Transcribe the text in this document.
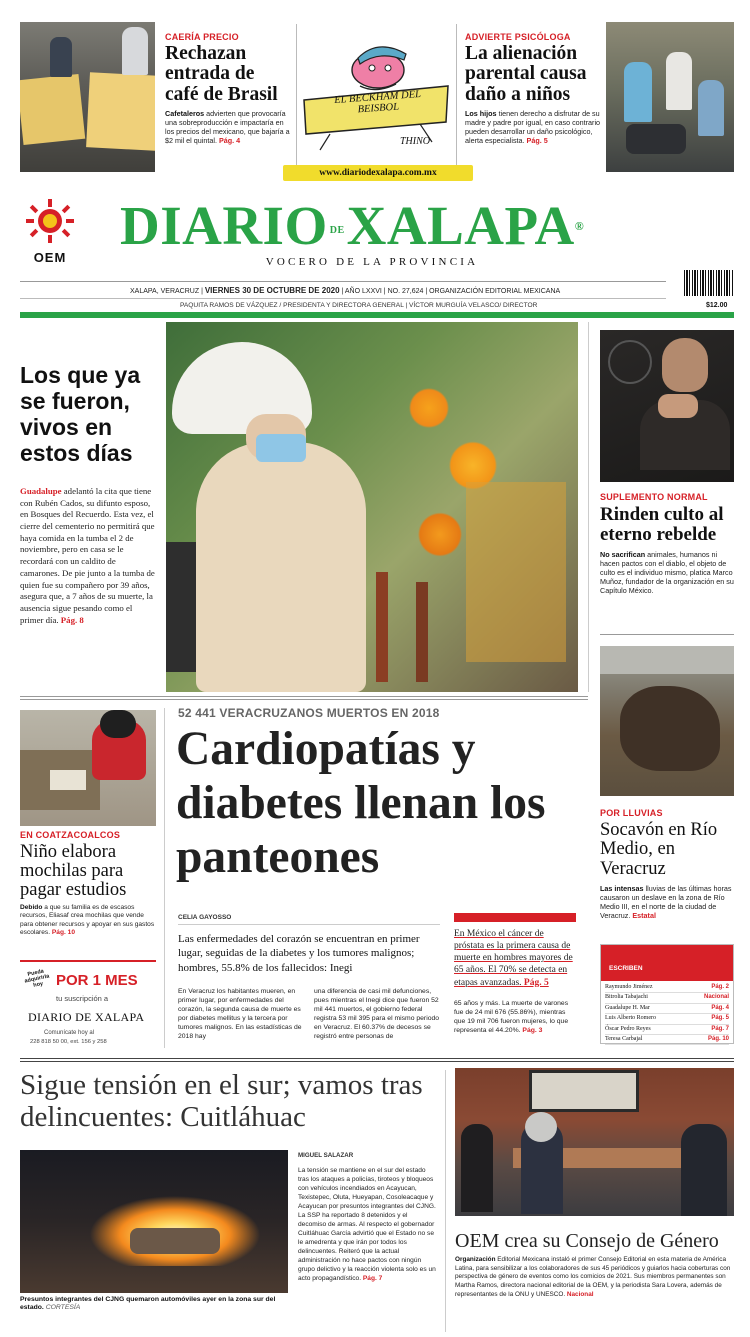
CAERÍA PRECIO
Rechazan entrada de café de Brasil
Cafetaleros advierten que provocaría una sobreproducción e impactaría en los precios del mexicano, que bajaría a $2 mil el quintal. Pág. 4
EL BECKHAM DEL BEISBOL
THINO
ADVIERTE PSICÓLOGA
La alienación parental causa daño a niños
Los hijos tienen derecho a disfrutar de su madre y padre por igual, en caso contrario pueden desarrollar un daño psicológico, alerta especialista. Pág. 5
www.diariodexalapa.com.mx
OEM
DIARIO DEXALAPA®
VOCERO DE LA PROVINCIA
XALAPA, VERACRUZ | VIERNES 30 DE OCTUBRE DE 2020 | AÑO LXXVI | NO. 27,624 | ORGANIZACIÓN EDITORIAL MEXICANA
PAQUITA RAMOS DE VÁZQUEZ / PRESIDENTA Y DIRECTORA GENERAL | VÍCTOR MURGUÍA VELASCO/ DIRECTOR	$12.00
Los que ya se fueron, vivos en estos días
Guadalupe adelantó la cita que tiene con Rubén Cados, su difunto esposo, en Bosques del Recuerdo. Esta vez, el cierre del cementerio no permitirá que haya comida en la tumba el 2 de noviembre, pero en casa se le recordará con un caldito de camarones. De pie junto a la tumba de quien fue su compañero por 39 años, asegura que, a 7 años de su muerte, la ausencia sigue pesando como el primer día. Pág. 8
SUPLEMENTO NORMAL
Rinden culto al eterno rebelde
No sacrifican animales, humanos ni hacen pactos con el diablo, el objeto de culto es el individuo mismo, platica Marco Muñoz, fundador de la organización en su Capítulo México.
POR LLUVIAS
Socavón en Río Medio, en Veracruz
Las intensas lluvias de las últimas horas causaron un deslave en la zona de Río Medio III, en el norte de la ciudad de Veracruz. Estatal
ESCRIBEN
Raymundo Jiménez	Pág. 2
Bitrolia Tabajachi	Nacional
Guadalupe H. Mar	Pág. 4
Luis Alberto Romero	Pág. 5
Óscar Pedro Reyes	Pág. 7
Teresa Carbajal	Pág. 10
EN COATZACOALCOS
Niño elabora mochilas para pagar estudios
Debido a que su familia es de escasos recursos, Eliasaf crea mochilas que vende para obtener recursos y apoyar en sus gastos escolares. Pág. 10
Pueda adquirirla hoy POR 1 MES
tu suscripción a
DIARIO DE XALAPA
Comunícate hoy al
228 818 50 00, ext. 156 y 258
52 441 VERACRUZANOS MUERTOS EN 2018
Cardiopatías y diabetes llenan los panteones
CELIA GAYOSSO
Las enfermedades del corazón se encuentran en primer lugar, seguidas de la diabetes y los tumores malignos; hombres, 55.8% de los fallecidos: Inegi
En Veracruz los habitantes mueren, en primer lugar, por enfermedades del corazón, la segunda causa de muerte es por diabetes mellitus y la tercera por tumores malignos. En las estadísticas de 2018 hay
una diferencia de casi mil defunciones, pues mientras el Inegi dice que fueron 52 mil 441 muertos, el gobierno federal registra 53 mil 395 para el mismo periodo en Veracruz. El 60.37% de decesos se registró entre personas de
En México el cáncer de próstata es la primera causa de muerte en hombres mayores de 65 años. El 70% se detecta en etapas avanzadas. Pág. 5
65 años y más. La muerte de varones fue de 24 mil 676 (55.86%), mientras que 19 mil 706 fueron mujeres, lo que representa el 44.20%. Pág. 3
Sigue tensión en el sur; vamos tras delincuentes: Cuitláhuac
Presuntos integrantes del CJNG quemaron automóviles ayer en la zona sur del estado. CORTESÍA
MIGUEL SALAZAR
La tensión se mantiene en el sur del estado tras los ataques a policías, tiroteos y bloqueos con vehículos incendiados en Acayucan, Texistepec, Oluta, Hueyapan, Cosoleacaque y Acayucan por presuntos integrantes del CJNG. La SSP ha reportado 8 detenidos y el decomiso de armas. Al respecto el gobernador Cuitláhuac García advirtió que el Estado no se le amedrenta y que irán por todos los delincuentes. Reiteró que la actual administración no hace pactos con ningún grupo delictivo y la reacción violenta solo es un acto propagandístico. Pág. 7
OEM crea su Consejo de Género
Organización Editorial Mexicana instaló el primer Consejo Editorial en esta materia de América Latina, para sensibilizar a los colaboradores de sus 45 periódicos y guiarlos hacia coberturas con perspectiva de género de eventos como los comicios de 2021. Sus miembros permanentes son Martha Ramos, directora nacional editorial de la OEM, y la periodista Sara Lovera, además de representantes de la ONU y UNESCO. Nacional
